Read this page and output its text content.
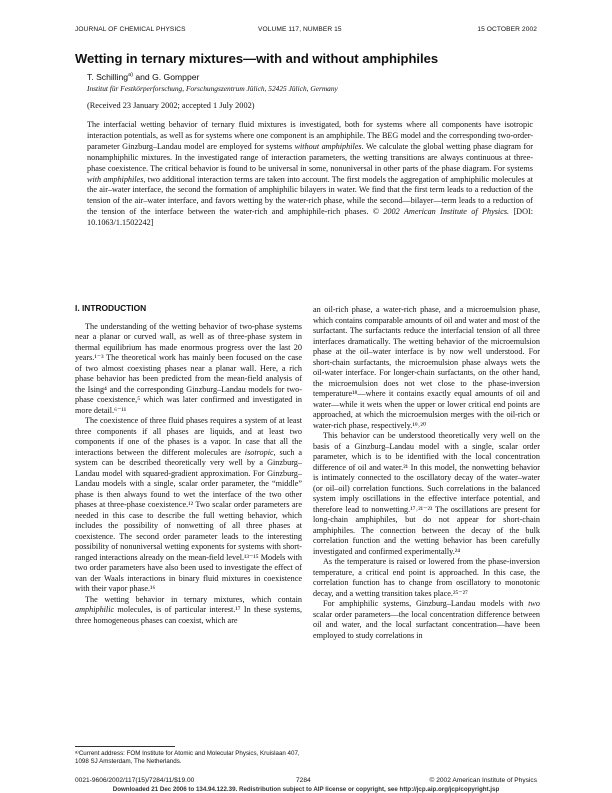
JOURNAL OF CHEMICAL PHYSICS	VOLUME 117, NUMBER 15	15 OCTOBER 2002
Wetting in ternary mixtures—with and without amphiphiles
T. Schilling$^{a)}$ and G. Gompper
Institut für Festkörperforschung, Forschungszentrum Jülich, 52425 Jülich, Germany
(Received 23 January 2002; accepted 1 July 2002)
The interfacial wetting behavior of ternary fluid mixtures is investigated, both for systems where all components have isotropic interaction potentials, as well as for systems where one component is an amphiphile. The BEG model and the corresponding two-order-parameter Ginzburg–Landau model are employed for systems without amphiphiles. We calculate the global wetting phase diagram for nonamphiphilic mixtures. In the investigated range of interaction parameters, the wetting transitions are always continuous at three-phase coexistence. The critical behavior is found to be universal in some, nonuniversal in other parts of the phase diagram. For systems with amphiphiles, two additional interaction terms are taken into account. The first models the aggregation of amphiphilic molecules at the air–water interface, the second the formation of amphiphilic bilayers in water. We find that the first term leads to a reduction of the tension of the air–water interface, and favors wetting by the water-rich phase, while the second—bilayer—term leads to a reduction of the tension of the interface between the water-rich and amphiphile-rich phases. © 2002 American Institute of Physics. [DOI: 10.1063/1.1502242]
I. INTRODUCTION

The understanding of the wetting behavior of two-phase systems near a planar or curved wall, as well as of three-phase system in thermal equilibrium has made enormous progress over the last 20 years.¹⁻³ The theoretical work has mainly been focused on the case of two almost coexisting phases near a planar wall. Here, a rich phase behavior has been predicted from the mean-field analysis of the Ising⁴ and the corresponding Ginzburg–Landau models for two-phase coexistence,⁵ which was later confirmed and investigated in more detail.⁶⁻¹¹

The coexistence of three fluid phases requires a system of at least three components if all phases are liquids, and at least two components if one of the phases is a vapor. In case that all the interactions between the different molecules are isotropic, such a system can be described theoretically very well by a Ginzburg–Landau model with squared-gradient approximation. For Ginzburg–Landau models with a single, scalar order parameter, the “middle” phase is then always found to wet the interface of the two other phases at three-phase coexistence.¹² Two scalar order parameters are needed in this case to describe the full wetting behavior, which includes the possibility of nonwetting of all three phases at coexistence. The second order parameter leads to the interesting possibility of nonuniversal wetting exponents for systems with short-ranged interactions already on the mean-field level.¹³⁻¹⁵ Models with two order parameters have also been used to investigate the effect of van der Waals interactions in binary fluid mixtures in coexistence with their vapor phase.¹⁶

The wetting behavior in ternary mixtures, which contain amphiphilic molecules, is of particular interest.¹⁷ In these systems, three homogeneous phases can coexist, which are

an oil-rich phase, a water-rich phase, and a microemulsion phase, which contains comparable amounts of oil and water and most of the surfactant. The surfactants reduce the interfacial tension of all three interfaces dramatically. The wetting behavior of the microemulsion phase at the oil–water interface is by now well understood. For short-chain surfactants, the microemulsion phase always wets the oil-water interface. For longer-chain surfactants, on the other hand, the microemulsion does not wet close to the phase-inversion temperature¹⁸—where it contains exactly equal amounts of oil and water—while it wets when the upper or lower critical end points are approached, at which the microemulsion merges with the oil-rich or water-rich phase, respectively.¹⁹˒²⁰

This behavior can be understood theoretically very well on the basis of a Ginzburg–Landau model with a single, scalar order parameter, which is to be identified with the local concentration difference of oil and water.²¹ In this model, the nonwetting behavior is intimately connected to the oscillatory decay of the water–water (or oil–oil) correlation functions. Such correlations in the balanced system imply oscillations in the effective interface potential, and therefore lead to nonwetting.¹⁷˒²¹⁻²³ The oscillations are present for long-chain amphiphiles, but do not appear for short-chain amphiphiles. The connection between the decay of the bulk correlation function and the wetting behavior has been carefully investigated and confirmed experimentally.²⁴

As the temperature is raised or lowered from the phase-inversion temperature, a critical end point is approached. In this case, the correlation function has to change from oscillatory to monotonic decay, and a wetting transition takes place.²⁵⁻²⁷

For amphiphilic systems, Ginzburg–Landau models with two scalar order parameters—the local concentration difference between oil and water, and the local surfactant concentration—have been employed to study correlations in

ᵃ⁾Current address: FOM Institute for Atomic and Molecular Physics, Kruislaan 407, 1098 SJ Amsterdam, The Netherlands.
0021-9606/2002/117(15)/7284/11/$19.00	7284	© 2002 American Institute of Physics
Downloaded 21 Dec 2006 to 134.94.122.39. Redistribution subject to AIP license or copyright, see http://jcp.aip.org/jcp/copyright.jsp
